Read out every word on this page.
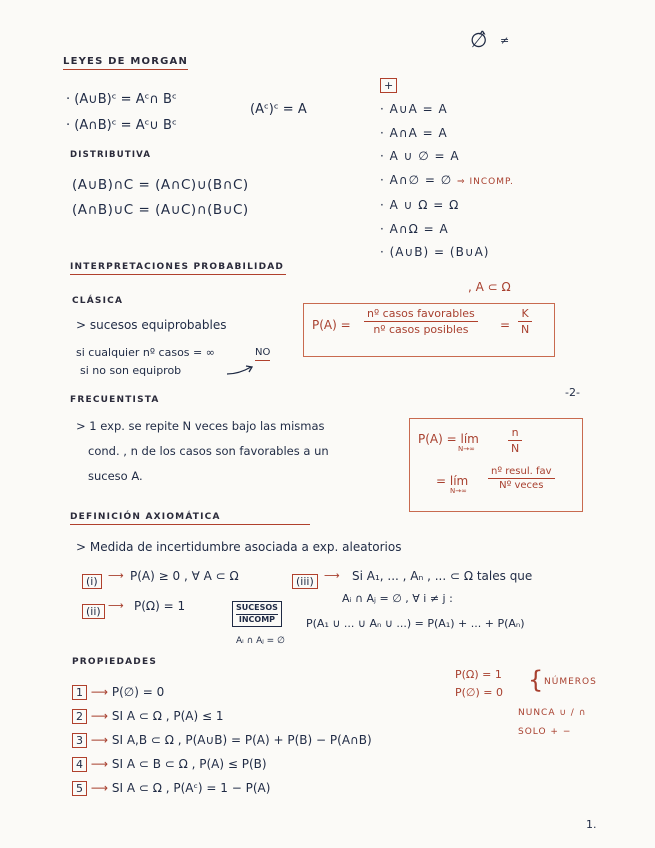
∅̂ ≠
LEYES DE MORGAN
· (A∪B)ᶜ = Aᶜ∩ Bᶜ
· (A∩B)ᶜ = Aᶜ∪ Bᶜ
(Aᶜ)ᶜ = A
+
· A∪A = A
· A∩A = A
· A ∪ ∅ = A
· A∩∅ = ∅ ⇒ INCOMP.
· A ∪ Ω = Ω
· A∩Ω = A
· (A∪B) = (B∪A)
DISTRIBUTIVA
(A∪B)∩C = (A∩C)∪(B∩C)
(A∩B)∪C = (A∪C)∩(B∪C)
INTERPRETACIONES PROBABILIDAD
, A ⊂ Ω
CLÁSICA
> sucesos equiprobables
si cualquier nº casos = ∞	NO
si no son equiprob
$P(A) = \frac{\text{nº casos favorables}}{\text{nº casos posibles}} = \frac{K}{N}$
-2-
FRECUENTISTA
> 1 exp. se repite N veces bajo las mismas
cond. , n de los casos son favorables a un
suceso A.
P(A) = lím
N→∞	$\frac{n}{N}$
= lím
$N\to\infty \frac{\text{nº resul. fav}}{\text{Nº veces}}$
DEFINICIÓN AXIOMÁTICA
> Medida de incertidumbre asociada a exp. aleatorios
(i) ⟶ P(A) ≥ 0 , ∀ A ⊂ Ω	(iii) ⟶ Si A₁, ... , Aₙ , ... ⊂ Ω tales que
Aᵢ ∩ Aⱼ = ∅ , ∀ i ≠ j :
(ii) ⟶ P(Ω) = 1	SUCESOS
INCOMP
Aᵢ ∩ Aⱼ = ∅
P(A₁ ∪ ... ∪ Aₙ ∪ ...) = P(A₁) + ... + P(Aₙ)
PROPIEDADES
1 ⟶ P(∅) = 0
2 ⟶ SI A ⊂ Ω , P(A) ≤ 1
3 ⟶ SI A,B ⊂ Ω , P(A∪B) = P(A) + P(B) − P(A∩B)
4 ⟶ SI A ⊂ B ⊂ Ω , P(A) ≤ P(B)
5 ⟶ SI A ⊂ Ω , P(Aᶜ) = 1 − P(A)
P(Ω) = 1
P(∅) = 0 { NÚMEROS
NUNCA ∪ / ∩
SOLO + −
1.
